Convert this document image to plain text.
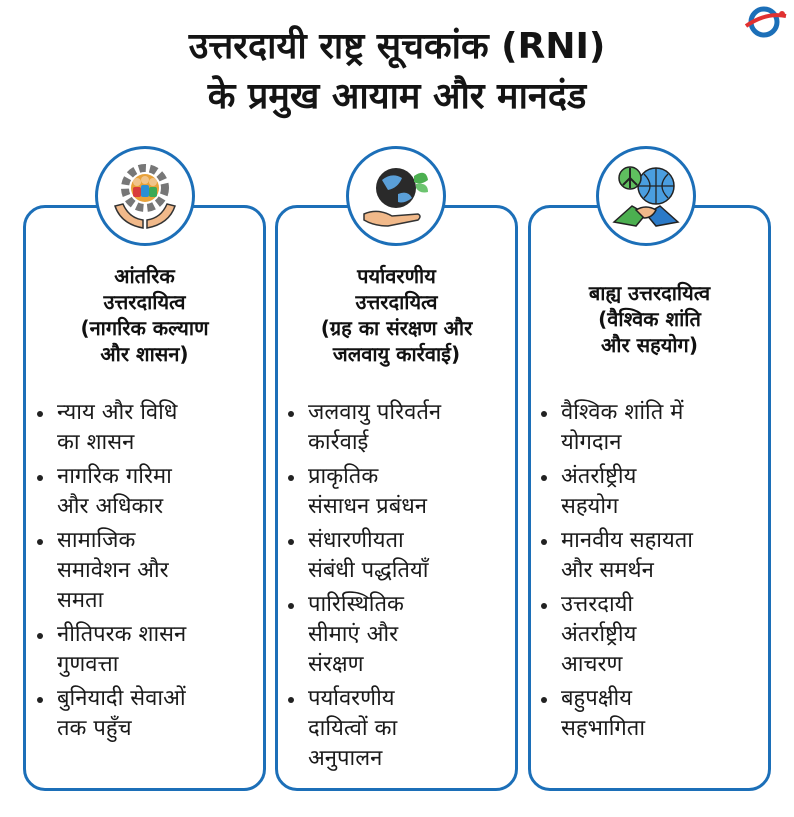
उत्तरदायी राष्ट्र सूचकांक (RNI)
के प्रमुख आयाम और मानदंड
आंतरिक
उत्तरदायित्व
(नागरिक कल्याण
और शासन)
न्याय और विधि
का शासन
नागरिक गरिमा
और अधिकार
सामाजिक
समावेशन और
समता
नीतिपरक शासन
गुणवत्ता
बुनियादी सेवाओं
तक पहुँच
पर्यावरणीय
उत्तरदायित्व
(ग्रह का संरक्षण और
जलवायु कार्रवाई)
जलवायु परिवर्तन
कार्रवाई
प्राकृतिक
संसाधन प्रबंधन
संधारणीयता
संबंधी पद्धतियाँ
पारिस्थितिक
सीमाएं और
संरक्षण
पर्यावरणीय
दायित्वों का
अनुपालन
बाह्य उत्तरदायित्व
(वैश्विक शांति
और सहयोग)
वैश्विक शांति में
योगदान
अंतर्राष्ट्रीय
सहयोग
मानवीय सहायता
और समर्थन
उत्तरदायी
अंतर्राष्ट्रीय
आचरण
बहुपक्षीय
सहभागिता
